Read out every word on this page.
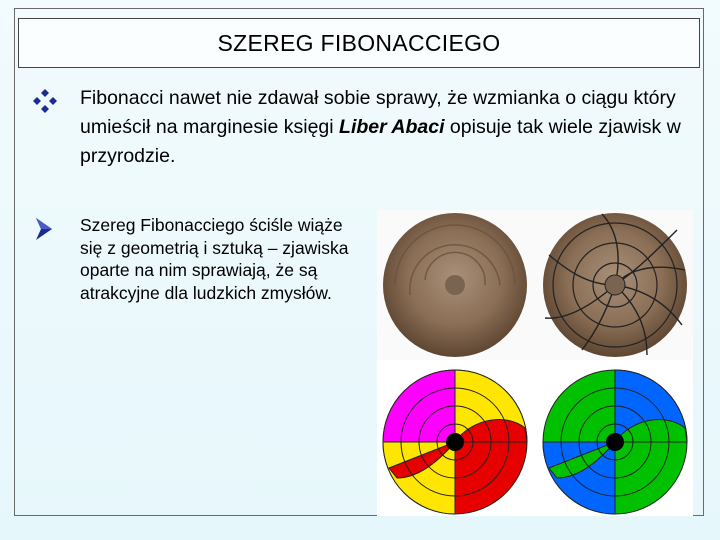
SZEREG FIBONACCIEGO
Fibonacci nawet nie zdawał sobie sprawy, że wzmianka o ciągu który umieścił na marginesie księgi Liber Abaci opisuje tak wiele zjawisk w przyrodzie.
Szereg Fibonacciego ściśle wiąże się z geometrią i sztuką – zjawiska oparte na nim sprawiają, że są atrakcyjne dla ludzkich zmysłów.
